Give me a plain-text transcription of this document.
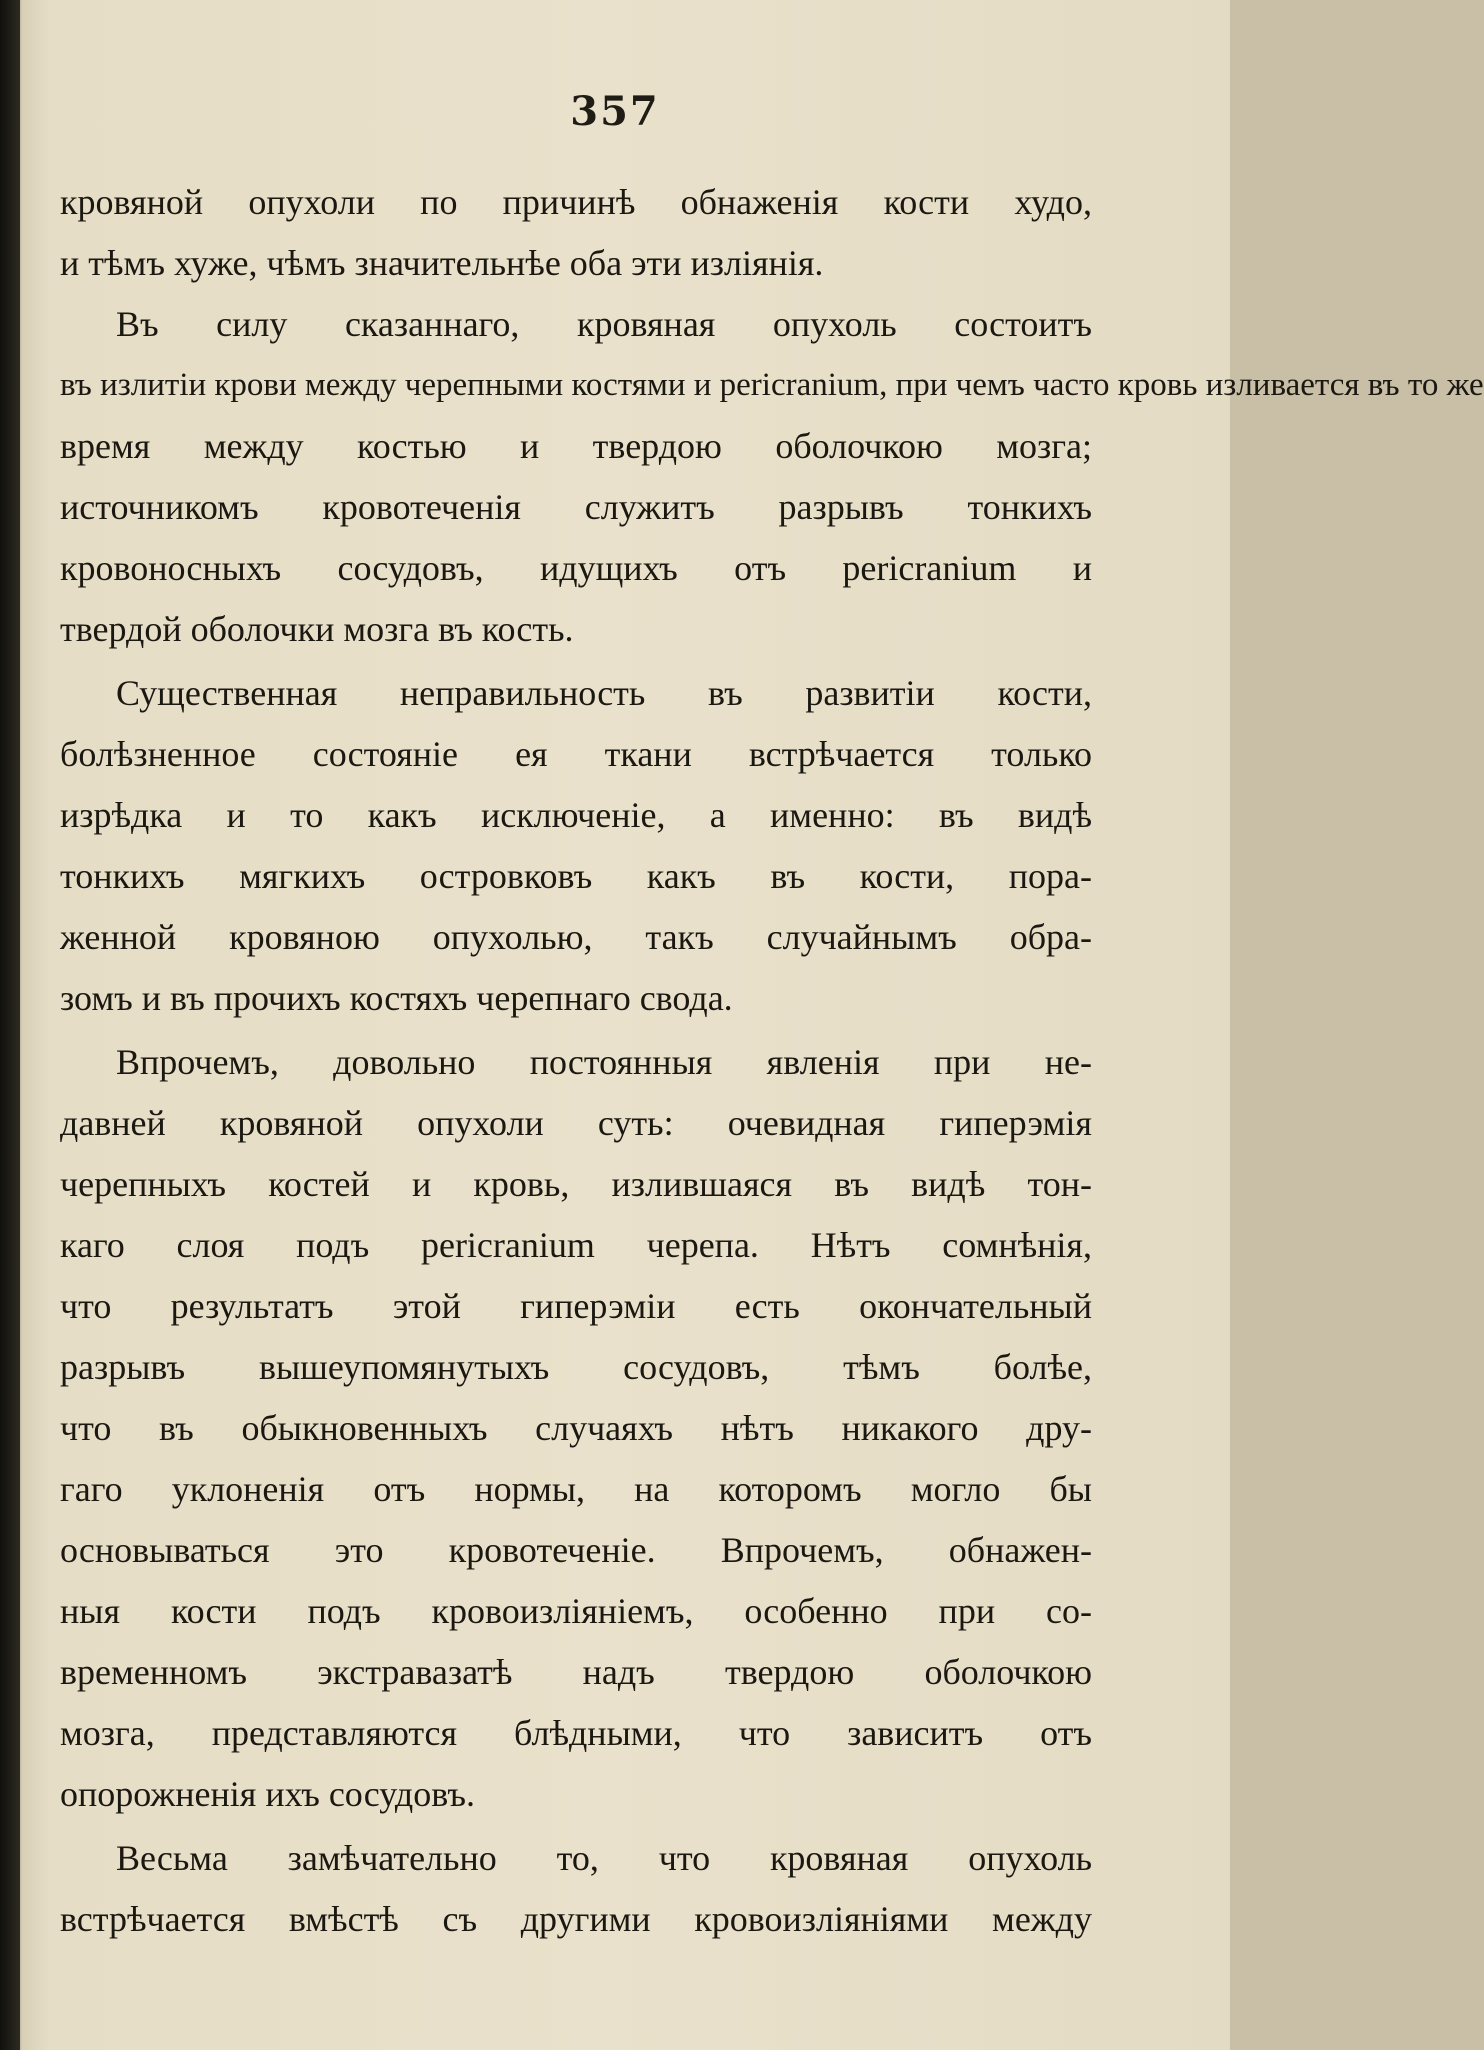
357
кровяной опухоли по причинѣ обнаженія кости худо,
и тѣмъ хуже, чѣмъ значительнѣе оба эти изліянія.
Въ силу сказаннаго, кровяная опухоль состоитъ
въ излитіи крови между черепными костями и pericranium, при чемъ часто кровь изливается въ то же
время между костью и твердою оболочкою мозга;
источникомъ кровотеченія служитъ разрывъ тонкихъ
кровоносныхъ сосудовъ, идущихъ отъ pericranium и
твердой оболочки мозга въ кость.
Существенная неправильность въ развитіи кости,
болѣзненное состояніе ея ткани встрѣчается только
изрѣдка и то какъ исключеніе, а именно: въ видѣ
тонкихъ мягкихъ островковъ какъ въ кости, пора-
женной кровяною опухолью, такъ случайнымъ обра-
зомъ и въ прочихъ костяхъ черепнаго свода.
Впрочемъ, довольно постоянныя явленія при не-
давней кровяной опухоли суть: очевидная гиперэмія
черепныхъ костей и кровь, излившаяся въ видѣ тон-
каго слоя подъ pericranium черепа. Нѣтъ сомнѣнія,
что результатъ этой гиперэміи есть окончательный
разрывъ вышеупомянутыхъ сосудовъ, тѣмъ болѣе,
что въ обыкновенныхъ случаяхъ нѣтъ никакого дру-
гаго уклоненія отъ нормы, на которомъ могло бы
основываться это кровотеченіе. Впрочемъ, обнажен-
ныя кости подъ кровоизліяніемъ, особенно при со-
временномъ экстравазатѣ надъ твердою оболочкою
мозга, представляются блѣдными, что зависитъ отъ
опорожненія ихъ сосудовъ.
Весьма замѣчательно то, что кровяная опухоль
встрѣчается вмѣстѣ съ другими кровоизліяніями между
